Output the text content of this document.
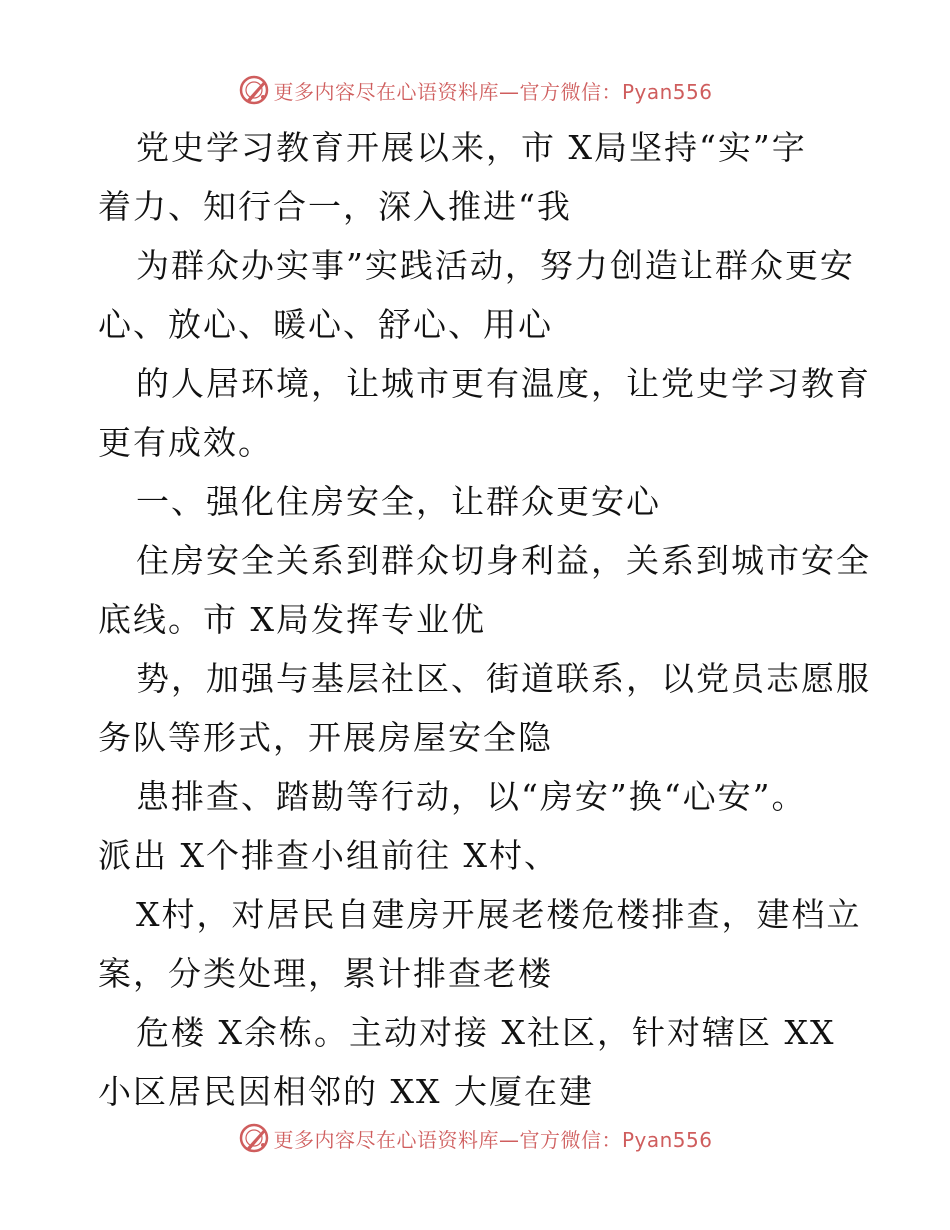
更多内容尽在心语资料库—官方微信：Pyan556
党史学习教育开展以来，市 X局坚持“实”字
着力、知行合一，深入推进“我
为群众办实事”实践活动，努力创造让群众更安
心、放心、暖心、舒心、用心
的人居环境，让城市更有温度，让党史学习教育
更有成效。
一、强化住房安全，让群众更安心
住房安全关系到群众切身利益，关系到城市安全
底线。市 X局发挥专业优
势，加强与基层社区、街道联系，以党员志愿服
务队等形式，开展房屋安全隐
患排查、踏勘等行动，以“房安”换“心安”。
派出 X个排查小组前往 X村、
X村，对居民自建房开展老楼危楼排查，建档立
案，分类处理，累计排查老楼
危楼 X余栋。主动对接 X社区，针对辖区 XX
小区居民因相邻的 XX 大厦在建
更多内容尽在心语资料库—官方微信：Pyan556
